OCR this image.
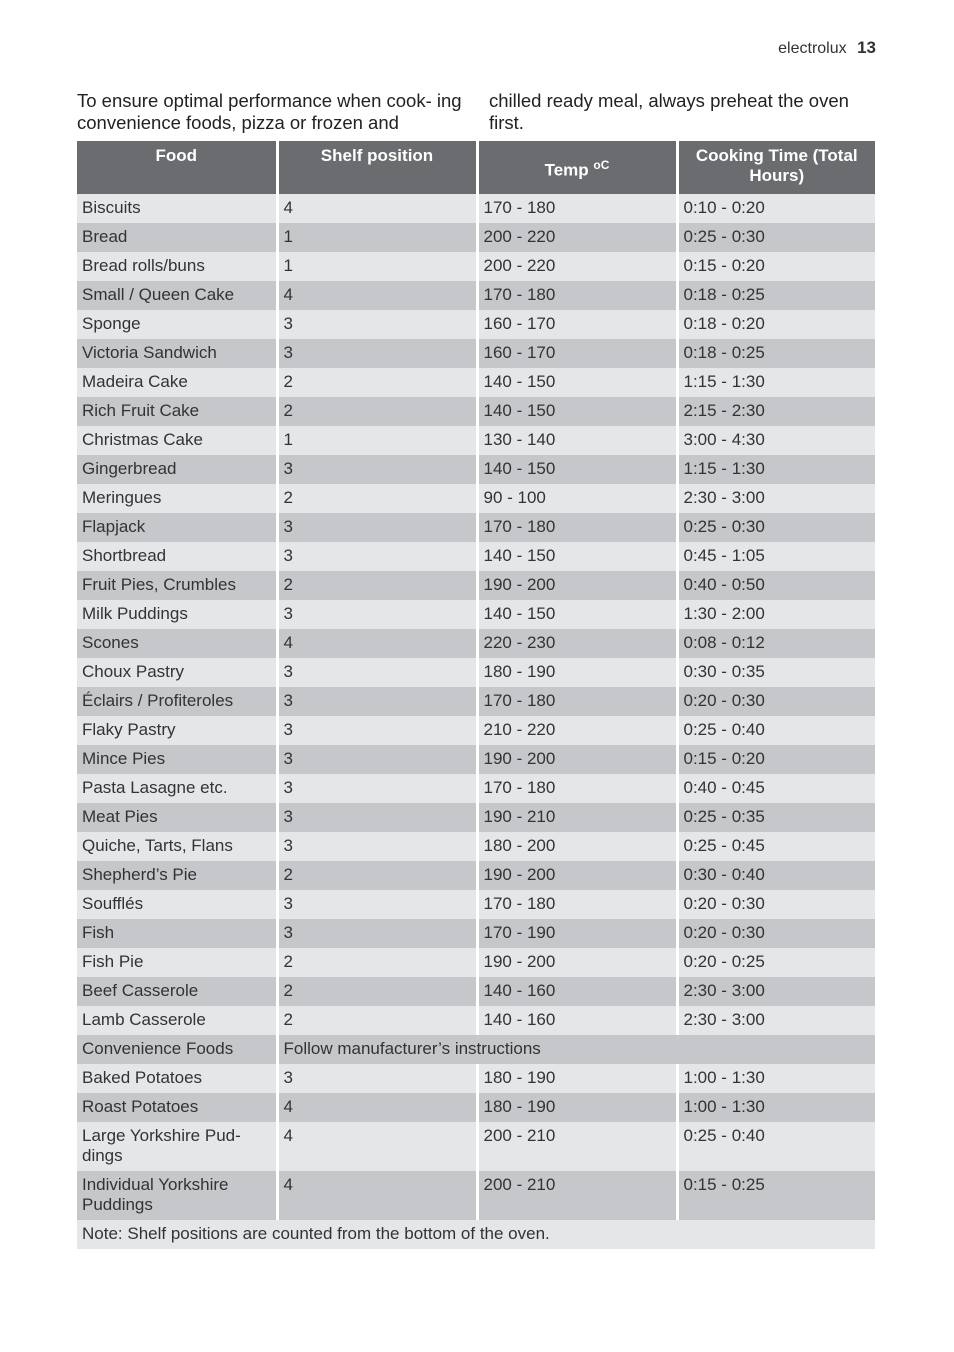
electrolux 13
To ensure optimal performance when cook- ing convenience foods, pizza or frozen and
chilled ready meal, always preheat the oven first.
Food	Shelf position	Temp $^{oC}$	Cooking Time (Total Hours)
Biscuits	4	170 - 180	0:10 - 0:20
Bread	1	200 - 220	0:25 - 0:30
Bread rolls/buns	1	200 - 220	0:15 - 0:20
Small / Queen Cake	4	170 - 180	0:18 - 0:25
Sponge	3	160 - 170	0:18 - 0:20
Victoria Sandwich	3	160 - 170	0:18 - 0:25
Madeira Cake	2	140 - 150	1:15 - 1:30
Rich Fruit Cake	2	140 - 150	2:15 - 2:30
Christmas Cake	1	130 - 140	3:00 - 4:30
Gingerbread	3	140 - 150	1:15 - 1:30
Meringues	2	90 - 100	2:30 - 3:00
Flapjack	3	170 - 180	0:25 - 0:30
Shortbread	3	140 - 150	0:45 - 1:05
Fruit Pies, Crumbles	2	190 - 200	0:40 - 0:50
Milk Puddings	3	140 - 150	1:30 - 2:00
Scones	4	220 - 230	0:08 - 0:12
Choux Pastry	3	180 - 190	0:30 - 0:35
Éclairs / Profiteroles	3	170 - 180	0:20 - 0:30
Flaky Pastry	3	210 - 220	0:25 - 0:40
Mince Pies	3	190 - 200	0:15 - 0:20
Pasta Lasagne etc.	3	170 - 180	0:40 - 0:45
Meat Pies	3	190 - 210	0:25 - 0:35
Quiche, Tarts, Flans	3	180 - 200	0:25 - 0:45
Shepherd’s Pie	2	190 - 200	0:30 - 0:40
Soufflés	3	170 - 180	0:20 - 0:30
Fish	3	170 - 190	0:20 - 0:30
Fish Pie	2	190 - 200	0:20 - 0:25
Beef Casserole	2	140 - 160	2:30 - 3:00
Lamb Casserole	2	140 - 160	2:30 - 3:00
Convenience Foods	Follow manufacturer’s instructions		
Baked Potatoes	3	180 - 190	1:00 - 1:30
Roast Potatoes	4	180 - 190	1:00 - 1:30
Large Yorkshire Pud- dings	4	200 - 210	0:25 - 0:40
Individual Yorkshire Puddings	4	200 - 210	0:15 - 0:25
Note: Shelf positions are counted from the bottom of the oven.			
